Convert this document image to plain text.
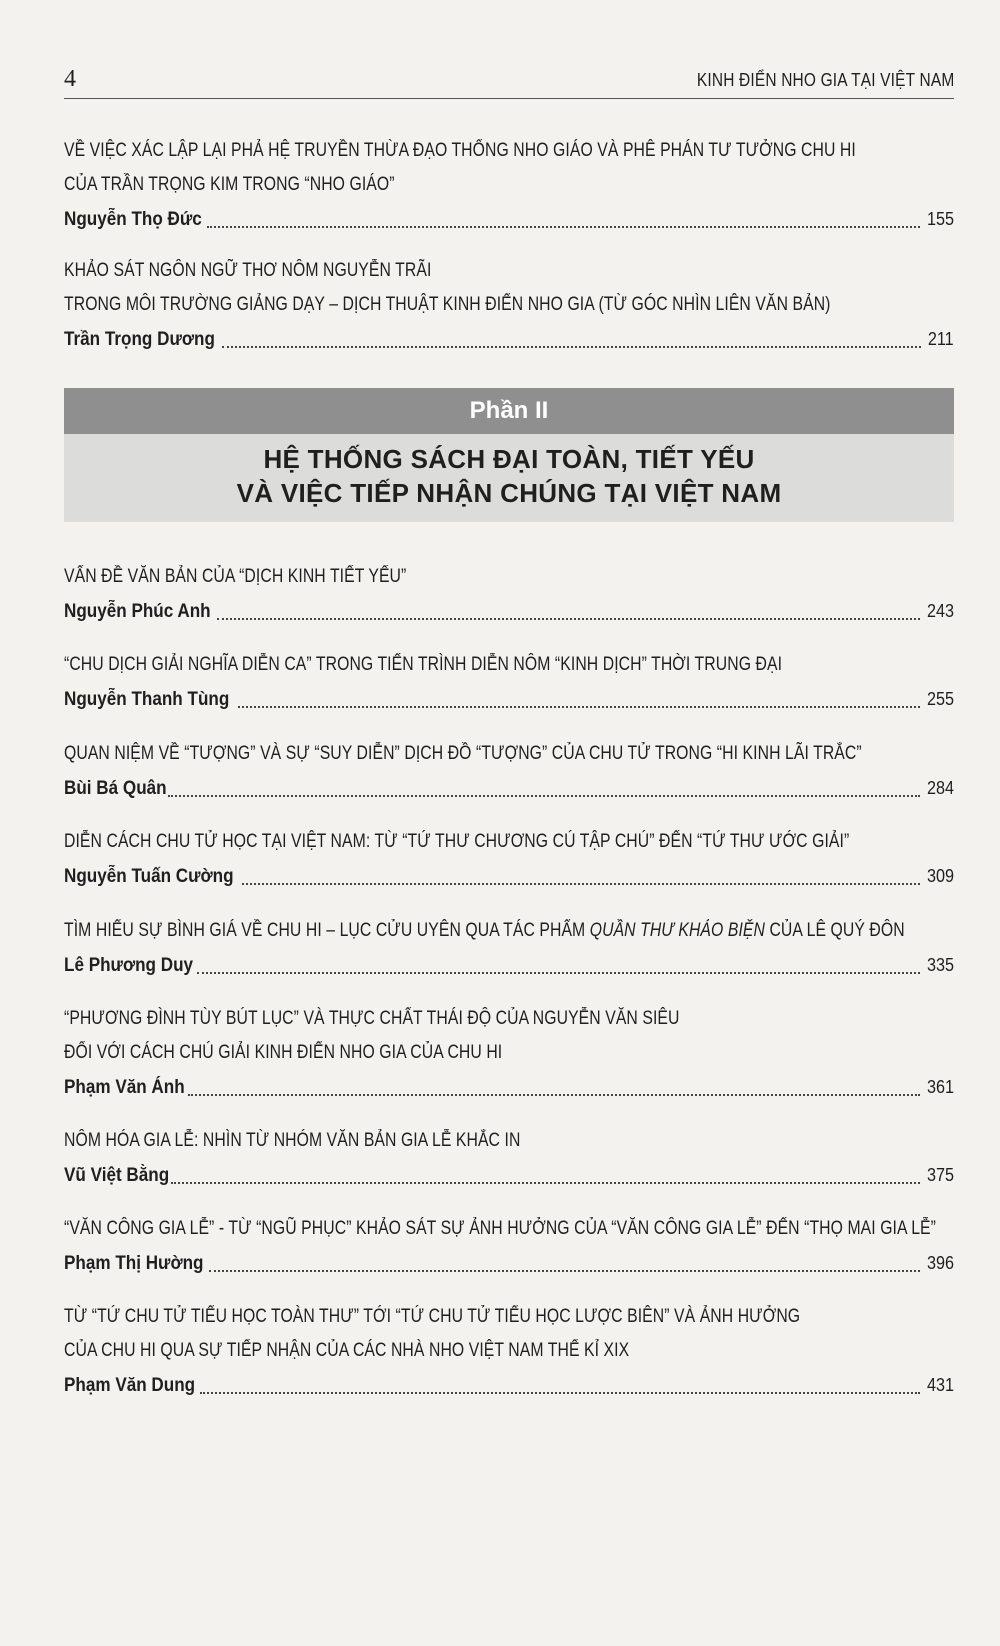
4	KINH ĐIỂN NHO GIA TẠI VIỆT NAM
VỀ VIỆC XÁC LẬP LẠI PHẢ HỆ TRUYỀN THỪA ĐẠO THỐNG NHO GIÁO VÀ PHÊ PHÁN TƯ TƯỞNG CHU HI
CỦA TRẦN TRỌNG KIM TRONG “NHO GIÁO”
Nguyễn Thọ Đức	155
KHẢO SÁT NGÔN NGỮ THƠ NÔM NGUYỄN TRÃI
TRONG MÔI TRƯỜNG GIẢNG DẠY – DỊCH THUẬT KINH ĐIỂN NHO GIA (TỪ GÓC NHÌN LIÊN VĂN BẢN)
Trần Trọng Dương	211
Phần II
HỆ THỐNG SÁCH ĐẠI TOÀN, TIẾT YẾU
VÀ VIỆC TIẾP NHẬN CHÚNG TẠI VIỆT NAM
VẤN ĐỀ VĂN BẢN CỦA “DỊCH KINH TIẾT YẾU”
Nguyễn Phúc Anh	243
“CHU DỊCH GIẢI NGHĨA DIỄN CA” TRONG TIẾN TRÌNH DIỄN NÔM “KINH DỊCH” THỜI TRUNG ĐẠI
Nguyễn Thanh Tùng	255
QUAN NIỆM VỀ “TƯỢNG” VÀ SỰ “SUY DIỄN” DỊCH ĐỒ “TƯỢNG” CỦA CHU TỬ TRONG “HI KINH LÃI TRẮC”
Bùi Bá Quân	284
DIỄN CÁCH CHU TỬ HỌC TẠI VIỆT NAM: TỪ “TỨ THƯ CHƯƠNG CÚ TẬP CHÚ” ĐẾN “TỨ THƯ ƯỚC GIẢI”
Nguyễn Tuấn Cường	309
TÌM HIỂU SỰ BÌNH GIÁ VỀ CHU HI – LỤC CỬU UYÊN QUA TÁC PHẨM QUẦN THƯ KHẢO BIỆN CỦA LÊ QUÝ ĐÔN
Lê Phương Duy	335
“PHƯƠNG ĐÌNH TÙY BÚT LỤC” VÀ THỰC CHẤT THÁI ĐỘ CỦA NGUYỄN VĂN SIÊU
ĐỐI VỚI CÁCH CHÚ GIẢI KINH ĐIỂN NHO GIA CỦA CHU HI
Phạm Văn Ánh	361
NÔM HÓA GIA LỄ: NHÌN TỪ NHÓM VĂN BẢN GIA LỄ KHẮC IN
Vũ Việt Bằng	375
“VĂN CÔNG GIA LỄ” - TỪ “NGŨ PHỤC” KHẢO SÁT SỰ ẢNH HƯỞNG CỦA “VĂN CÔNG GIA LỄ” ĐẾN “THỌ MAI GIA LỄ”
Phạm Thị Hường	396
TỪ “TỨ CHU TỬ TIỂU HỌC TOÀN THƯ” TỚI “TỨ CHU TỬ TIỂU HỌC LƯỢC BIÊN” VÀ ẢNH HƯỞNG
CỦA CHU HI QUA SỰ TIẾP NHẬN CỦA CÁC NHÀ NHO VIỆT NAM THẾ KỈ XIX
Phạm Văn Dung	431
